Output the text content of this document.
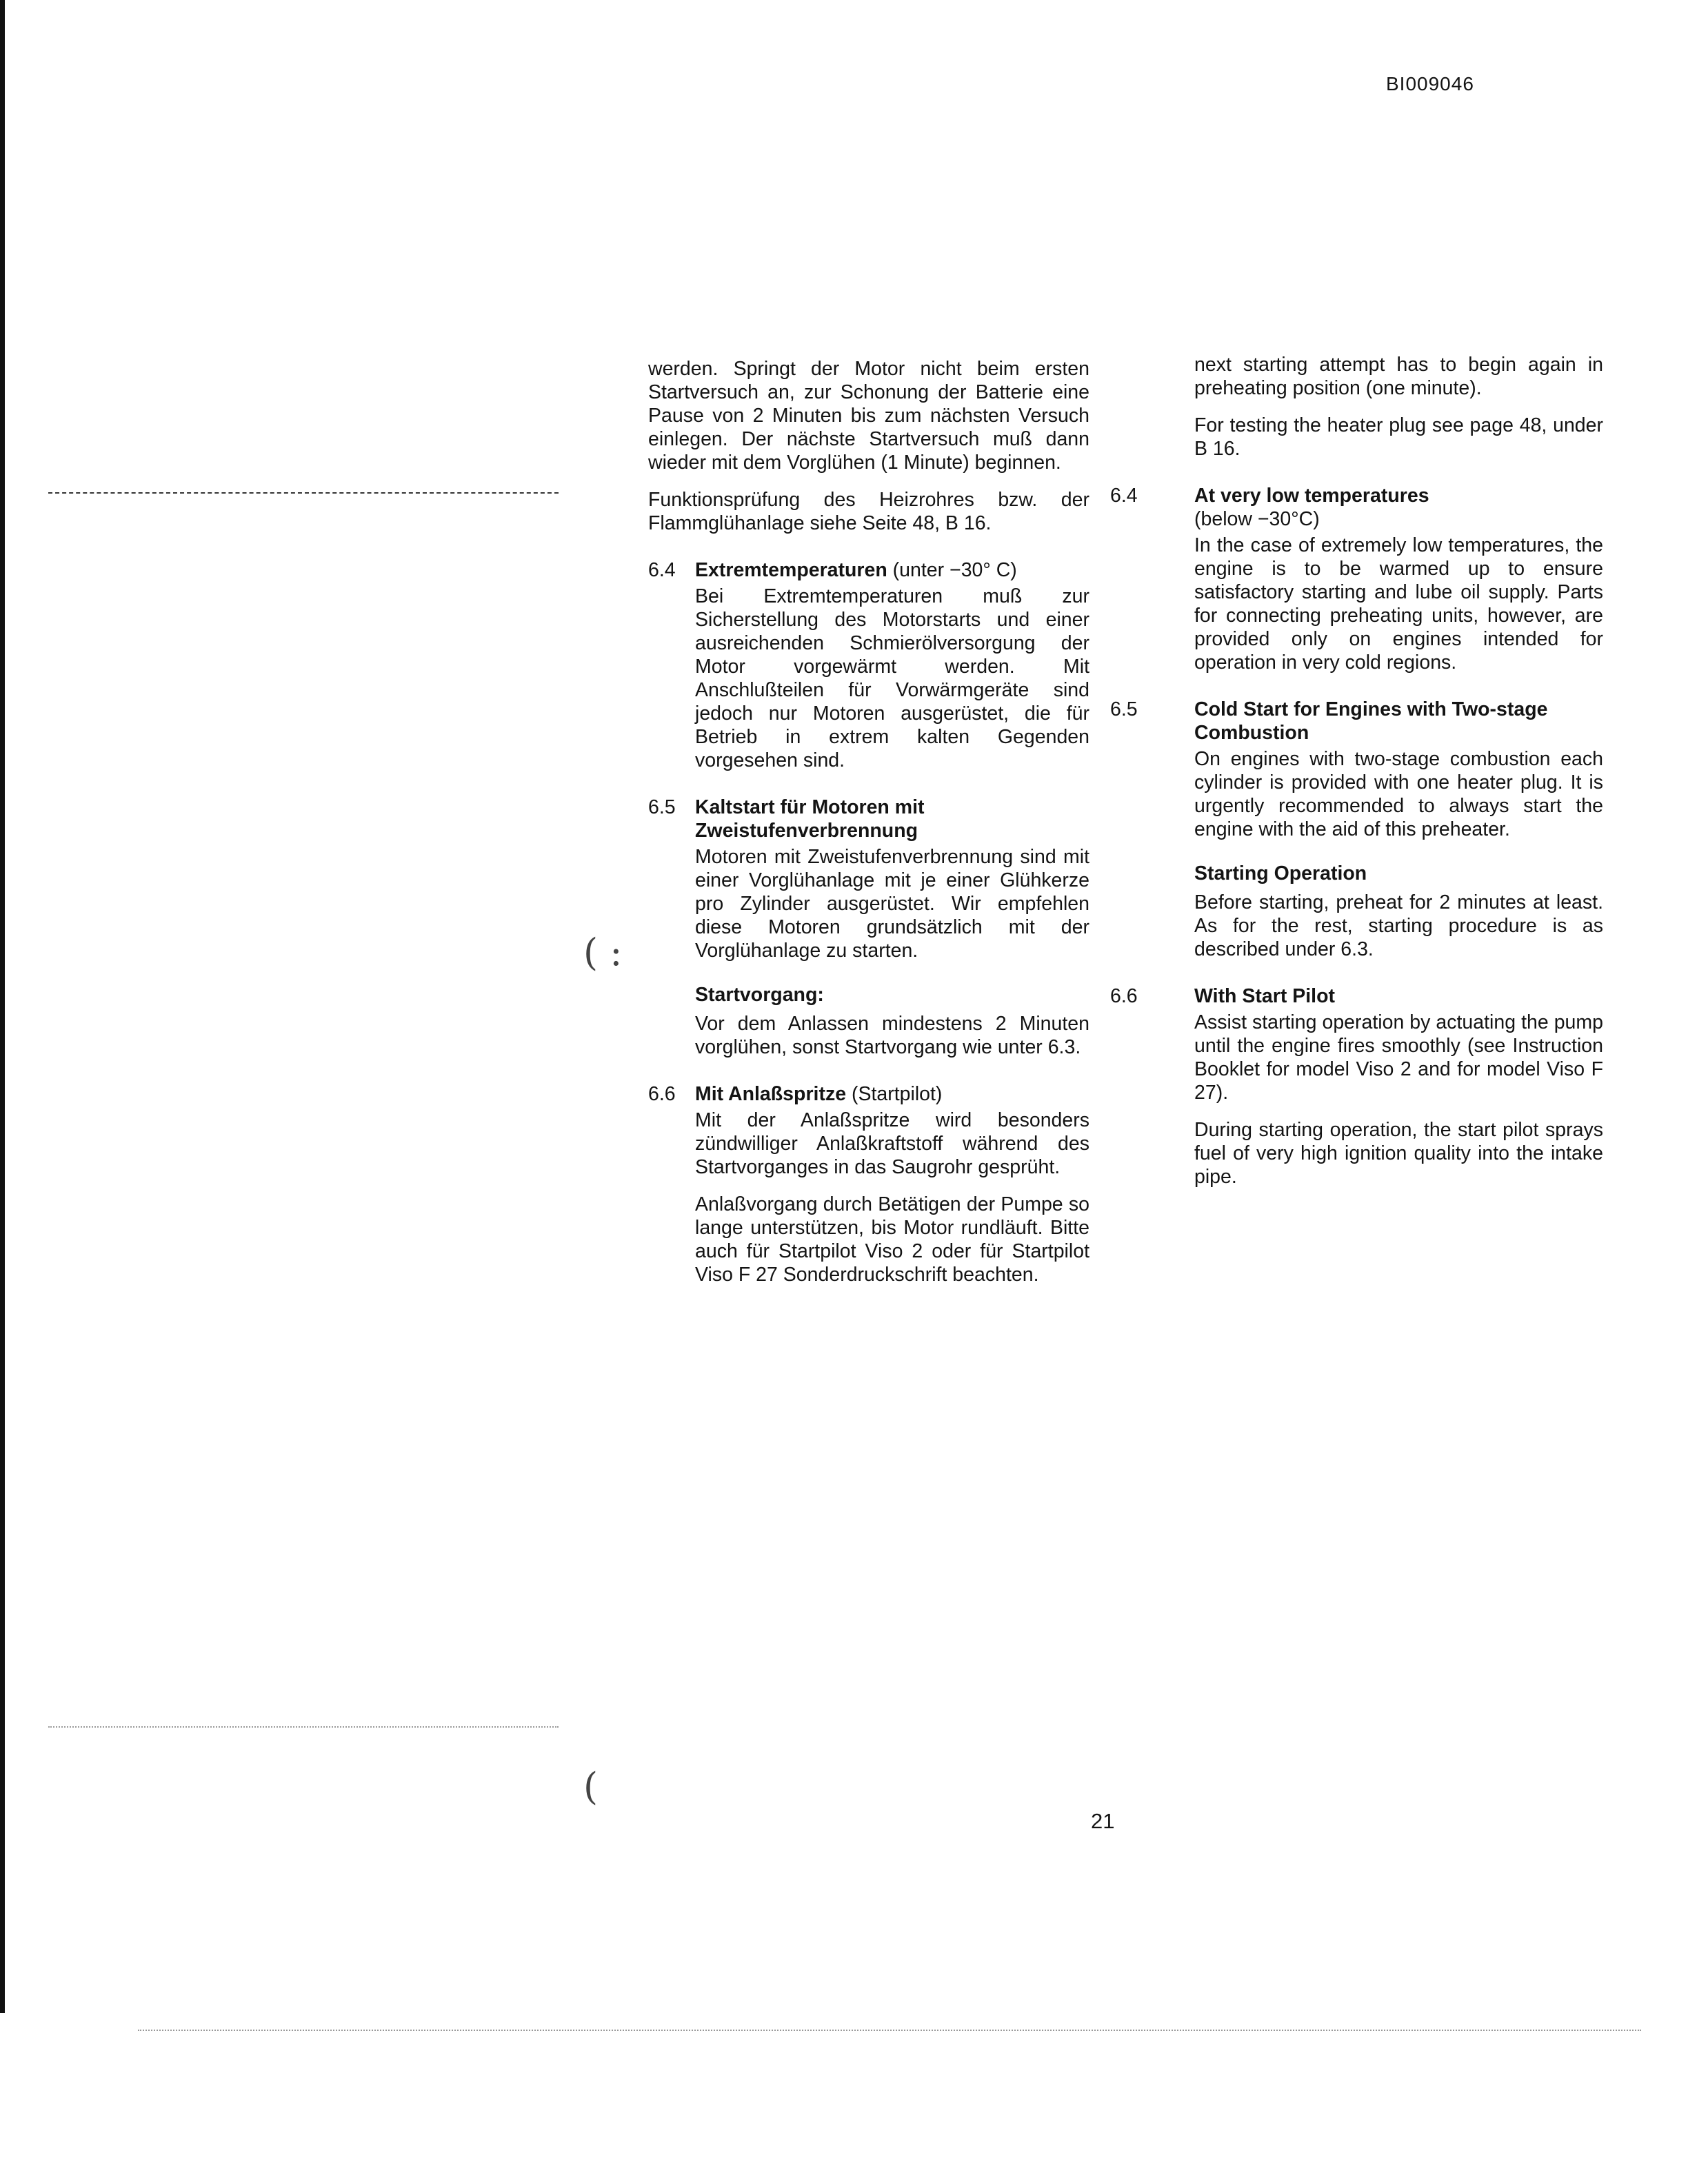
BI009046
( :
(

werden. Springt der Motor nicht beim ersten Startversuch an, zur Schonung der Batterie eine Pause von 2 Minuten bis zum nächsten Versuch einlegen. Der nächste Startversuch muß dann wieder mit dem Vorglühen (1 Minute) beginnen.

Funktionsprüfung des Heizrohres bzw. der Flammglühanlage siehe Seite 48, B 16.

6.4 Extremtemperaturen (unter −30° C)

Bei Extremtemperaturen muß zur Sicherstellung des Motorstarts und einer ausreichenden Schmierölversorgung der Motor vorgewärmt werden. Mit Anschlußteilen für Vorwärmgeräte sind jedoch nur Motoren ausgerüstet, die für Betrieb in extrem kalten Gegenden vorgesehen sind.

6.5 Kaltstart für Motoren mit Zweistufenverbrennung

Motoren mit Zweistufenverbrennung sind mit einer Vorglühanlage mit je einer Glühkerze pro Zylinder ausgerüstet. Wir empfehlen diese Motoren grundsätzlich mit der Vorglühanlage zu starten.

Startvorgang:

Vor dem Anlassen mindestens 2 Minuten vorglühen, sonst Startvorgang wie unter 6.3.

6.6 Mit Anlaßspritze (Startpilot)

Mit der Anlaßspritze wird besonders zündwilliger Anlaßkraftstoff während des Startvorganges in das Saugrohr gesprüht.

Anlaßvorgang durch Betätigen der Pumpe so lange unterstützen, bis Motor rundläuft. Bitte auch für Startpilot Viso 2 oder für Startpilot Viso F 27 Sonderdruckschrift beachten.

next starting attempt has to begin again in preheating position (one minute).

For testing the heater plug see page 48, under B 16.

6.4	At very low temperatures

(below −30°C)

In the case of extremely low temperatures, the engine is to be warmed up to ensure satisfactory starting and lube oil supply. Parts for connecting preheating units, however, are provided only on engines intended for operation in very cold regions.

6.5	Cold Start for Engines with Two-stage Combustion

On engines with two-stage combustion each cylinder is provided with one heater plug. It is urgently recommended to always start the engine with the aid of this preheater.

Starting Operation

Before starting, preheat for 2 minutes at least. As for the rest, starting procedure is as described under 6.3.

6.6	With Start Pilot

Assist starting operation by actuating the pump until the engine fires smoothly (see Instruction Booklet for model Viso 2 and for model Viso F 27).

During starting operation, the start pilot sprays fuel of very high ignition quality into the intake pipe.

21
